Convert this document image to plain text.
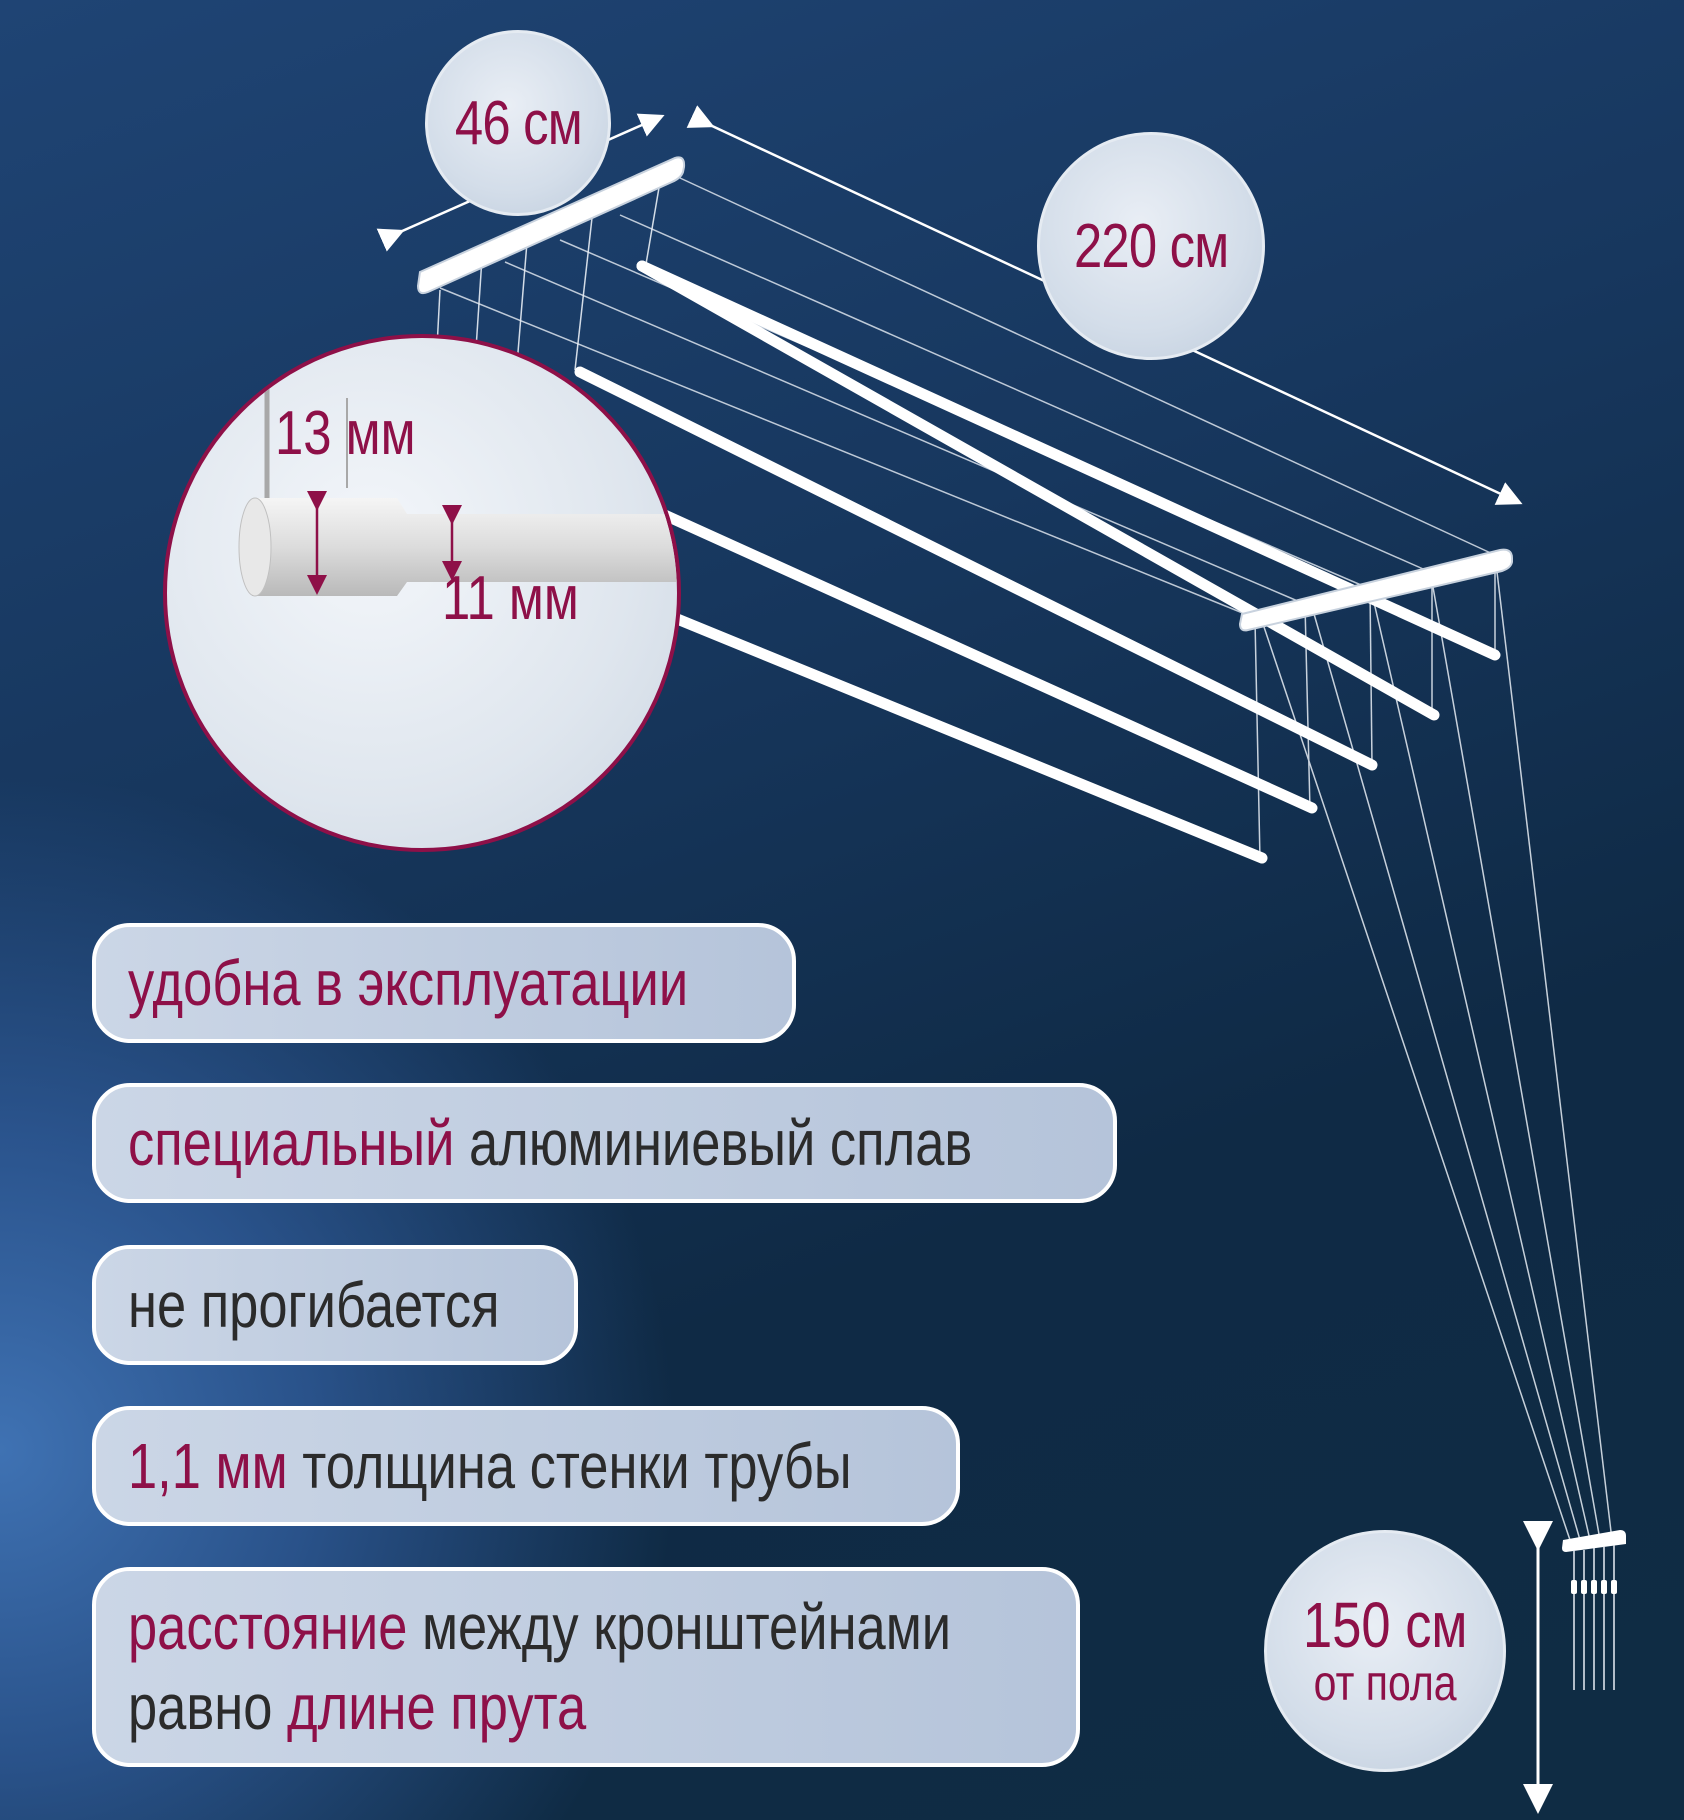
46 см
220 см
13 мм
11 мм
удобна в эксплуатации
специальный алюминиевый сплав
не прогибается
1,1 мм толщина стенки трубы
расстояние между кронштейнами
равно длине прута
150 см
от пола
